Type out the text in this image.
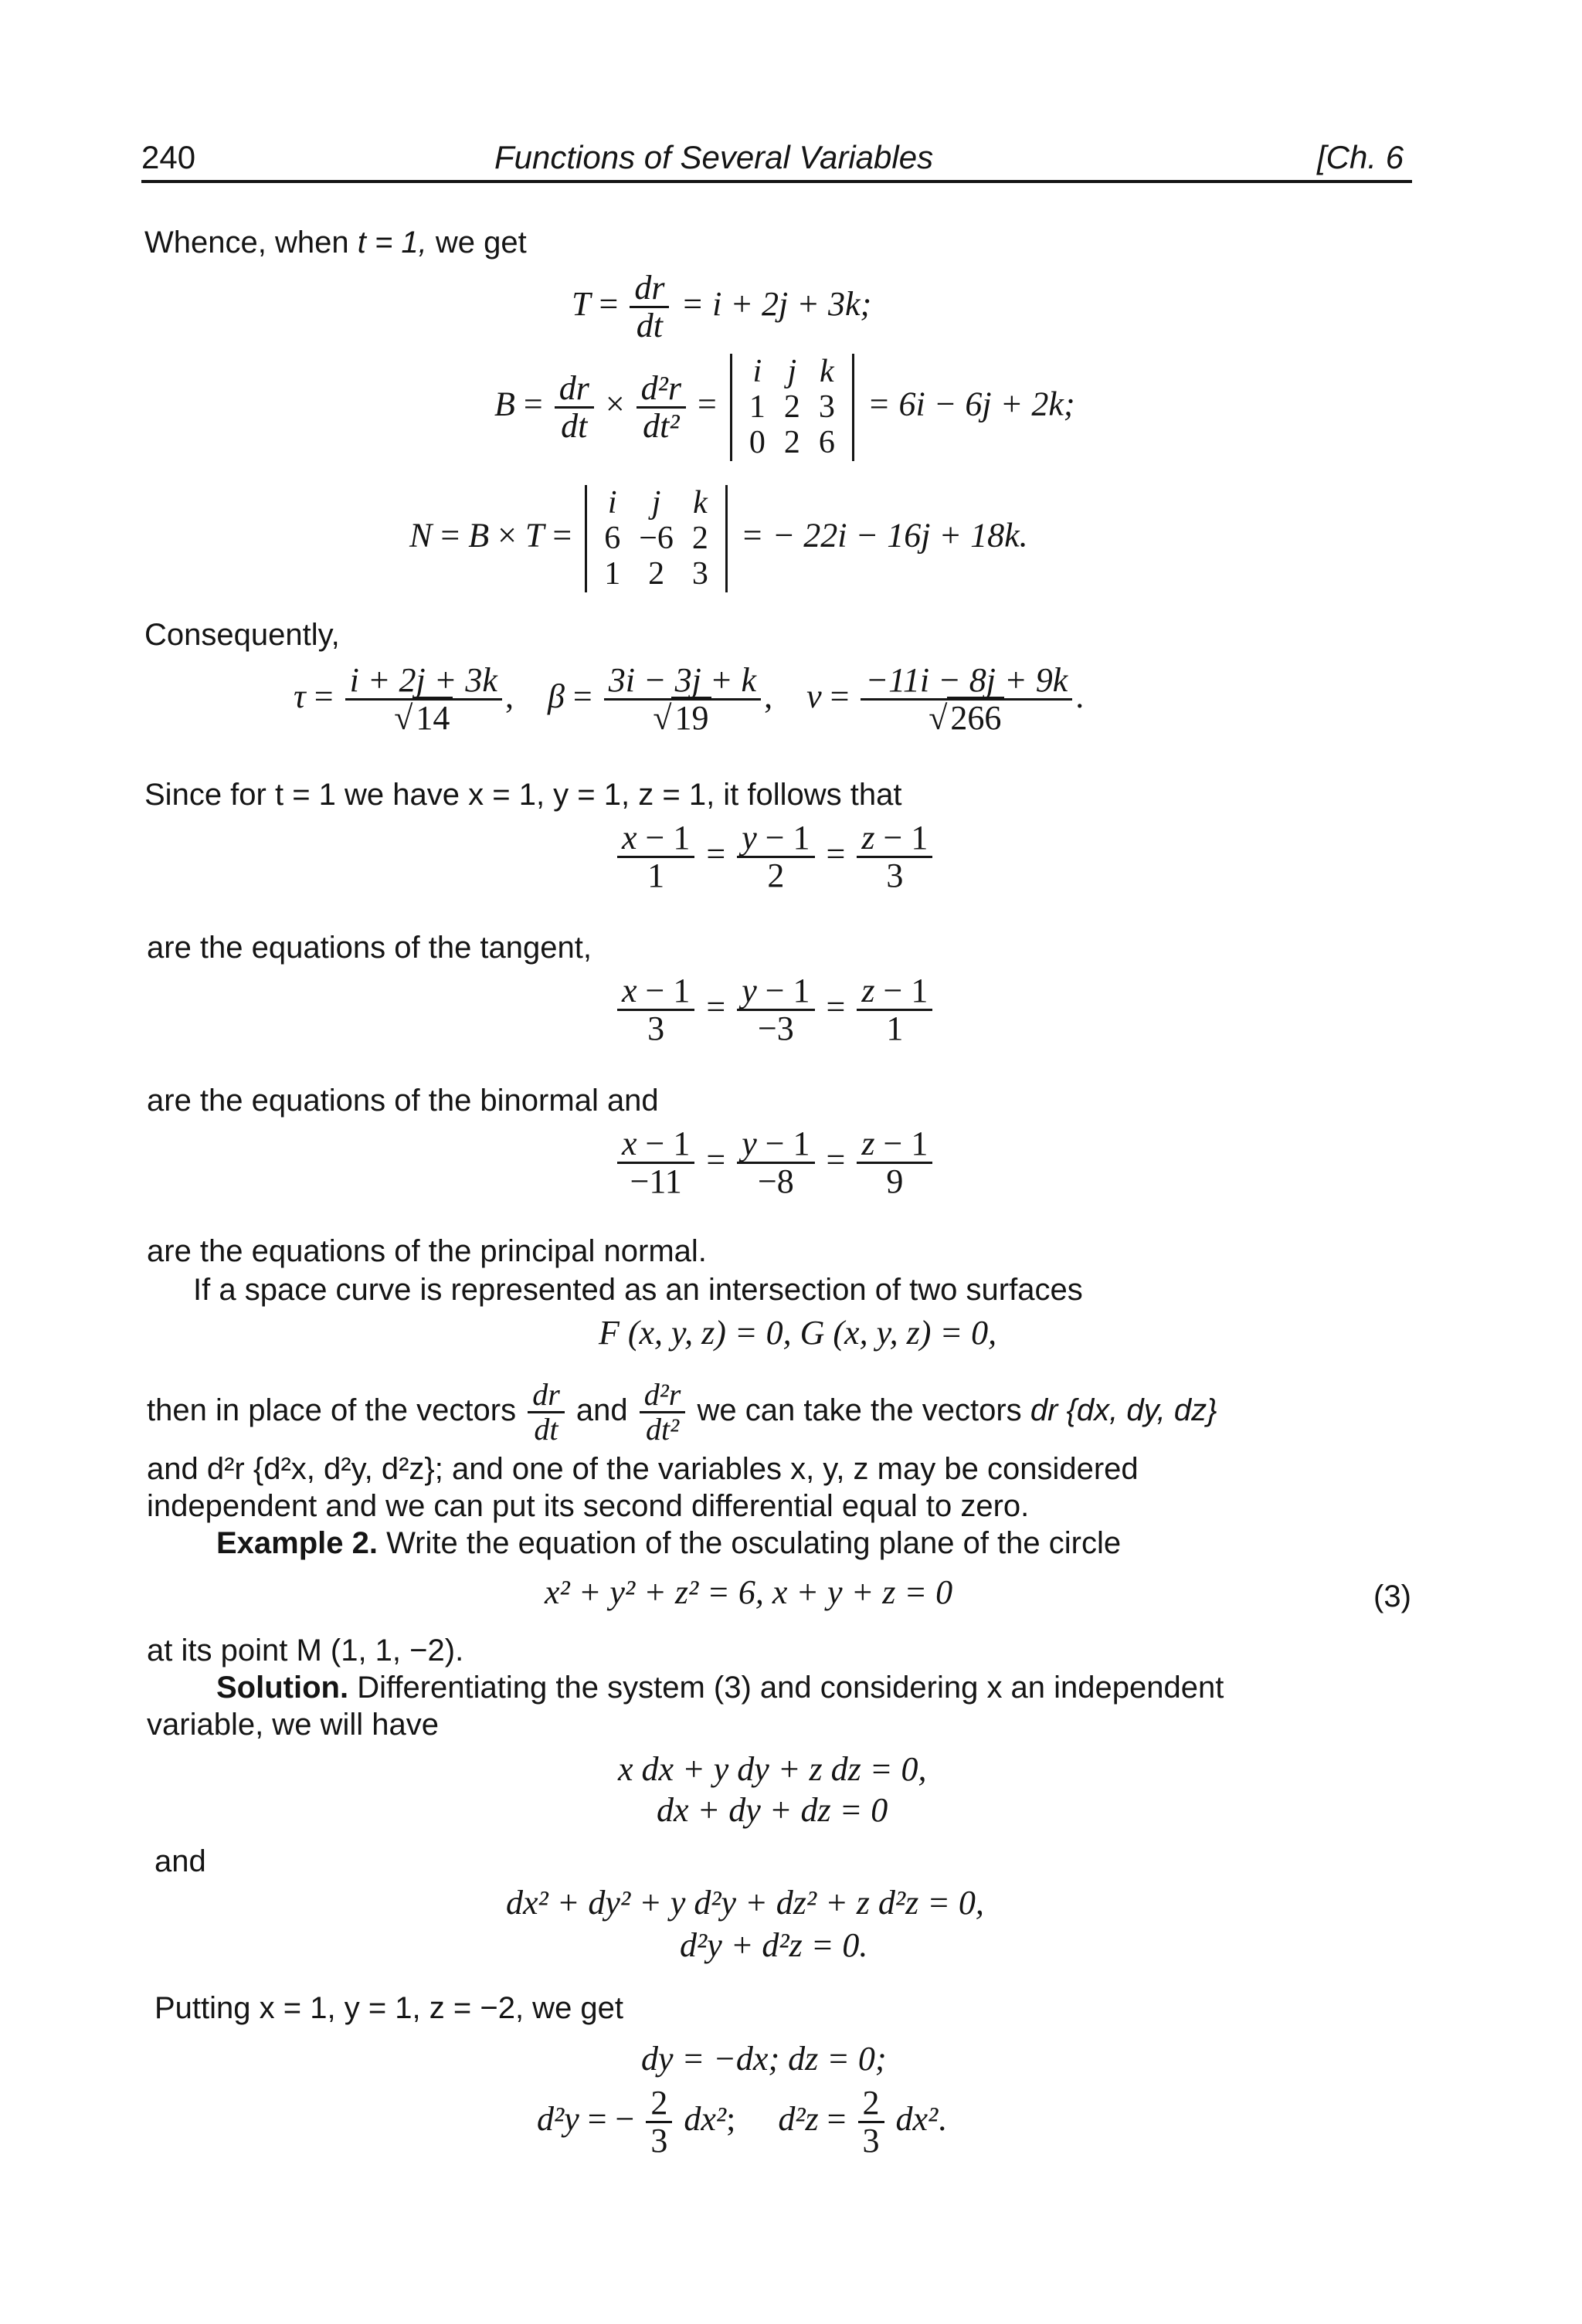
240	Functions of Several Variables	[Ch. 6
Whence, when t = 1, we get
$T = \frac{dr}{dt} = i + 2j + 3k$;
$B = \frac{dr}{dt} \times \frac{\text{d²r}}{\text{dt²}}$ =
i	j	k
1	2	3
0	2	6
= 6i − 6j + 2k;
N = B × T =
i	j	k
6	−6	2
1	2	3
= − 22i − 16j + 18k.
Consequently,
$\tau = \frac{i + 2j + 3k}{√14}$ ,    $\beta = \frac{3i - 3j + k}{√19}$ ,    $\nu = \frac{-11i - 8j + 9k}{√266}$ .
Since for t = 1 we have x = 1, y = 1, z = 1, it follows that
$\frac{x - 1}{1} = \frac{y - 1}{2} = \frac{z - 1}{3}$
are the equations of the tangent,
$\frac{x - 1}{3} = \frac{y - 1}{-3} = \frac{z - 1}{1}$
are the equations of the binormal and
$\frac{x - 1}{-11} = \frac{y - 1}{-8} = \frac{z - 1}{9}$
are the equations of the principal normal.
If a space curve is represented as an intersection of two surfaces
F (x, y, z) = 0, G (x, y, z) = 0,
then in place of the vectors $\frac{dr}{dt}$ and $\frac{\text{d²r}}{\text{dt²}}$ we can take the vectors dr {dx, dy, dz}
and d²r {d²x, d²y, d²z}; and one of the variables x, y, z may be considered
independent and we can put its second differential equal to zero.
Example 2. Write the equation of the osculating plane of the circle
x² + y² + z² = 6, x + y + z = 0	(3)
at its point M (1, 1, −2).
Solution. Differentiating the system (3) and considering x an independent
variable, we will have
x dx + y dy + z dz = 0,
dx + dy + dz = 0
and
dx² + dy² + y d²y + dz² + z d²z = 0,
d²y + d²z = 0.
Putting x = 1, y = 1, z = −2, we get
dy = −dx; dz = 0;
d²y = − $\frac{2}{3} dx^2$;     $d^2z = \frac{2}{3} dx^2$.
